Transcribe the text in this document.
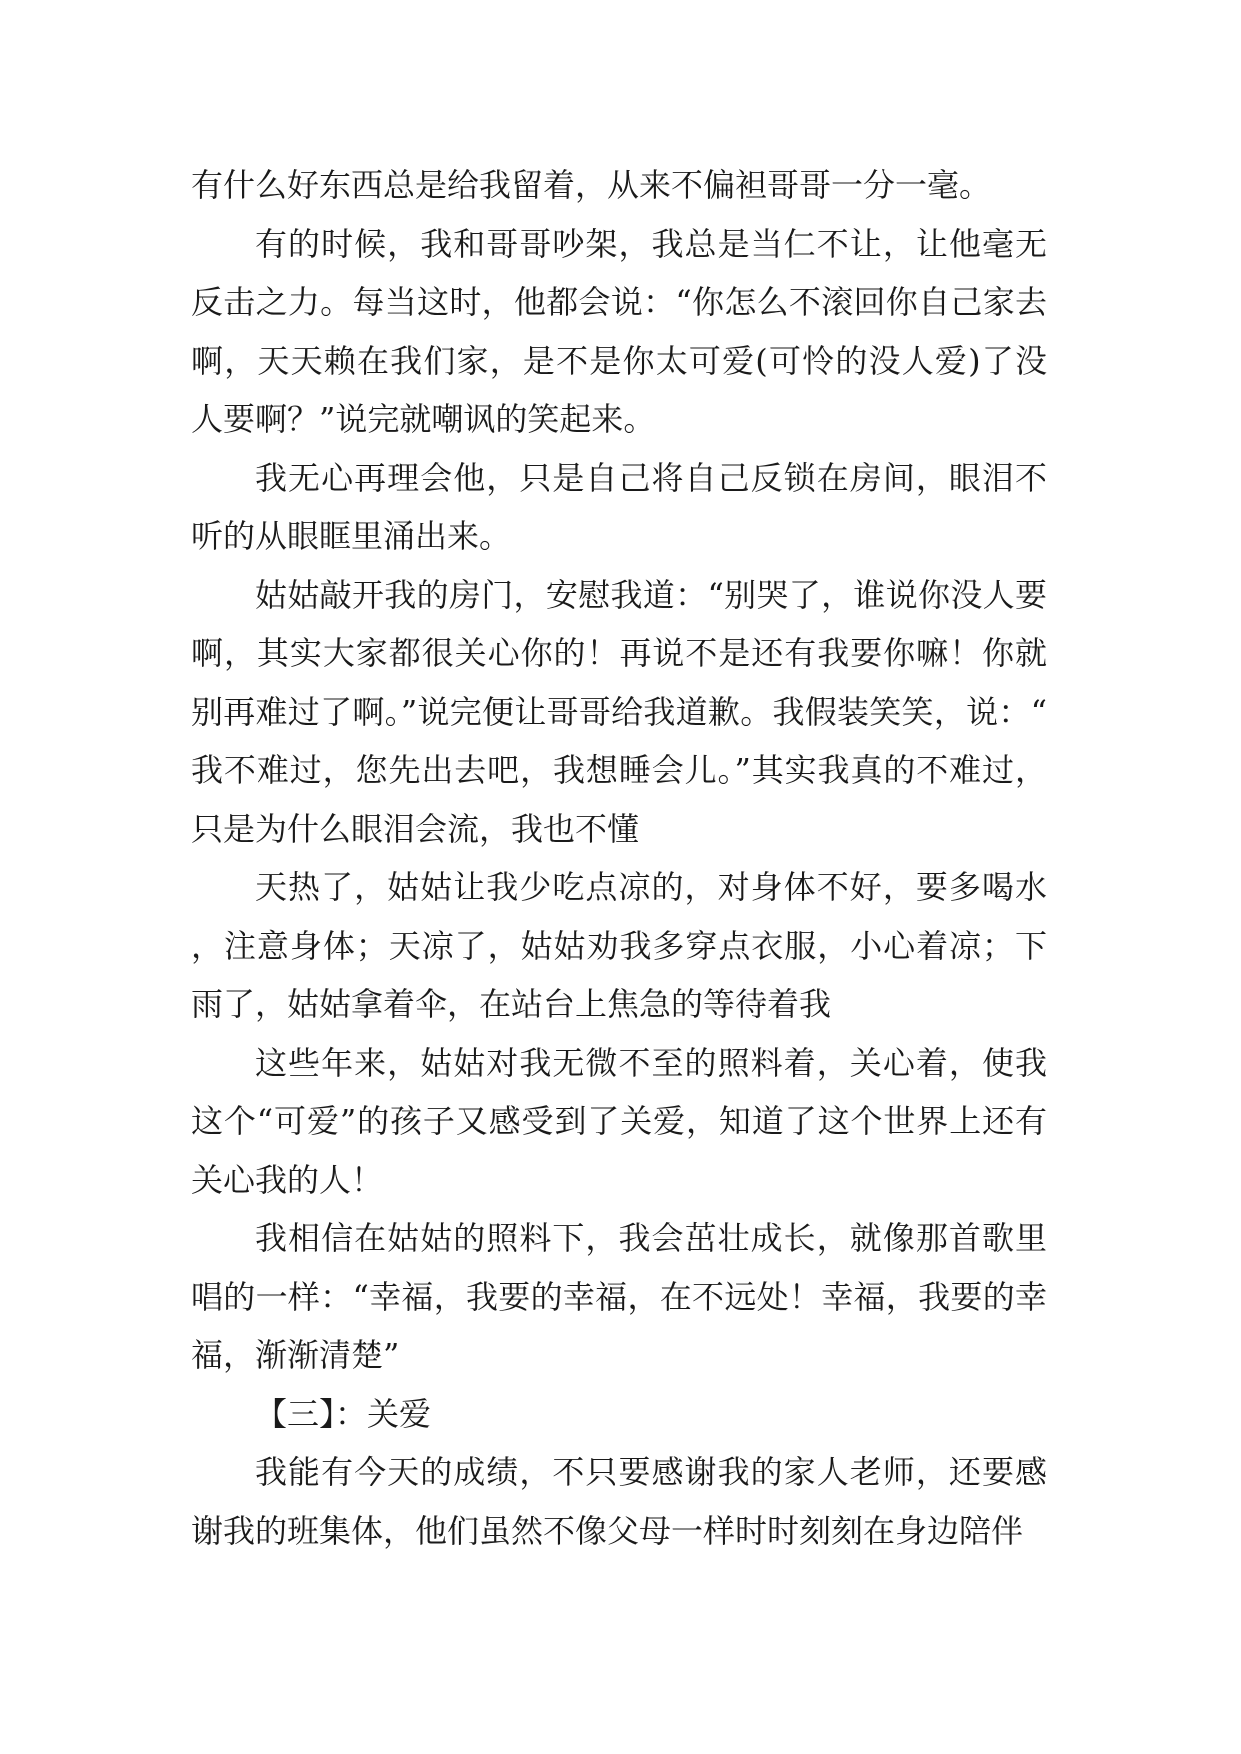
有什么好东西总是给我留着，从来不偏袒哥哥一分一毫。

有的时候，我和哥哥吵架，我总是当仁不让，让他毫无反击之力。每当这时，他都会说：“你怎么不滚回你自己家去啊，天天赖在我们家，是不是你太可爱(可怜的没人爱)了没人要啊？”说完就嘲讽的笑起来。

我无心再理会他，只是自己将自己反锁在房间，眼泪不听的从眼眶里涌出来。

姑姑敲开我的房门，安慰我道：“别哭了，谁说你没人要啊，其实大家都很关心你的！再说不是还有我要你嘛！你就别再难过了啊。”说完便让哥哥给我道歉。我假装笑笑，说：“我不难过，您先出去吧，我想睡会儿。”其实我真的不难过，只是为什么眼泪会流，我也不懂

天热了，姑姑让我少吃点凉的，对身体不好，要多喝水，注意身体；天凉了，姑姑劝我多穿点衣服，小心着凉；下雨了，姑姑拿着伞，在站台上焦急的等待着我

这些年来，姑姑对我无微不至的照料着，关心着，使我这个“可爱”的孩子又感受到了关爱，知道了这个世界上还有关心我的人！

我相信在姑姑的照料下，我会茁壮成长，就像那首歌里唱的一样：“幸福，我要的幸福，在不远处！幸福，我要的幸福，渐渐清楚”

【三】：关爱

我能有今天的成绩，不只要感谢我的家人老师，还要感谢我的班集体，他们虽然不像父母一样时时刻刻在身边陪伴
